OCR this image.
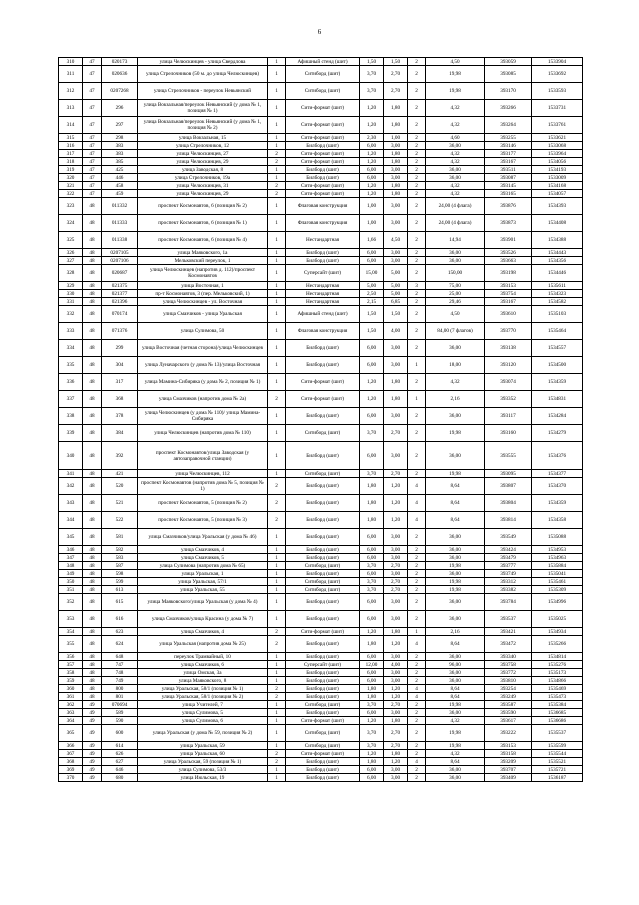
6
310	47	020173	улица Челюскинцев - улица Свердлова	1	Афишный стенд (шит)	1,50	1,50	2	4,50	393059	1533904
311	47	020636	улица Стрелочников (50 м. до улица Челюскинцев)	1	Ситиборд (шит)	3,70	2,70	2	19,98	393085	1533692
312	47	0207268	улица Стрелочников - переулок Невьянский	1	Ситиборд (шит)	3,70	2,70	2	19,98	393170	1533593
313	47	296	улица Вокзальная/переулок Невьянский (у дома № 1, позиция № 1)	1	Сити-формат (шит)	1,20	1,80	2	4,32	393266	1533731
314	47	297	улица Вокзальная/переулок Невьянский (у дома № 1, позиция № 2)	1	Сити-формат (шит)	1,20	1,80	2	4,32	393264	1533761
315	47	298	улица Вокзальная, 15	1	Сити-формат (шит)	2,30	1,00	2	4,60	393255	1533621
316	47	383	улица Стрелочников, 12	1	Билборд (шит)	6,00	3,00	2	36,00	393146	1533068
317	47	383	улица Челюскинцев, 27	2	Сити-формат (шит)	1,20	1,80	2	4,32	393177	1533964
318	47	385	улица Челюскинцев, 29	2	Сити-формат (шит)	1,20	1,80	2	4,32	393167	1534056
319	47	425	улица Заводская, 8	1	Билборд (шит)	6,00	3,00	2	36,00	393511	1534193
320	47	446	улица Стрелочников, 19а	1	Билборд (шит)	6,00	3,00	2	36,00	393087	1533009
321	47	458	улица Челюскинцев, 31	2	Сити-формат (шит)	1,20	1,80	2	4,32	393145	1534168
322	47	459	улица Челюскинцев, 29	2	Сити-формат (шит)	1,20	1,80	2	4,32	393165	1534057
323	48	011332	проспект Космонавтов, 6 (позиция № 2)	1	Флаговая конструкция	1,00	3,00	2	24,00 (4 флага)	393876	1534393
324	48	011333	проспект Космонавтов, 6 (позиция № 1)	1	Флаговая конструкция	1,00	3,00	2	24,00 (4 флага)	393873	1534408
325	48	011338	проспект Космонавтов, 6 (позиция № 4)	1	Нестандартная	1,66	4,50	2	14,94	393901	1534388
326	48	0207105	улица Маяковского, 1а	1	Билборд (шит)	6,00	3,00	2	36,00	393526	1534443
327	48	0207106	Мельковский переулок, 1	1	Билборд (шит)	6,00	3,00	2	36,00	393663	1534356
328	48	020687	улица Челюскинцев (напротив д. 112)/проспект Космонавтов	1	Суперсайт (шит)	15,00	5,00	2	150,00	393198	1534446
329	48	021375	улица Восточная, 1	1	Нестандартная	5,00	5,00	3	75,00	393153	1535611
330	48	021377	пр-т Космонавтов, 3 (пер. Мельковский, 1)	1	Нестандартная	2,50	5,00	2	25,00	393754	1534323
331	48	021396	улица Челюскинцев - ул. Восточная	1	Нестандартная	2,15	6,85	2	29,46	393167	1534582
332	48	070174	улица Смазчиков - улица Уральская	1	Афишный стенд (шит)	1,50	1,50	2	4,50	393610	1535103
333	48	071376	улица Сулимова, 50	1	Флаговая конструкция	1,50	4,00	2	84,00 (7 флагов)	393770	1535464
334	48	299	улица Восточная (четная сторона)/улица Челюскинцев	1	Билборд (шит)	6,00	3,00	2	36,00	393138	1534557
335	48	304	улица Луначарского (у дома № 13)/улица Восточная	1	Билборд (шит)	6,00	3,00	1	18,00	393120	1534500
336	48	317	улица Мамина-Сибиряка (у дома № 2, позиция № 1)	1	Сити-формат (шит)	1,20	1,80	2	4,32	393074	1534359
337	48	368	улица Смазчиков (напротив дома № 2а)	2	Сити-формат (шит)	1,20	1,80	1	2,16	393352	1534831
338	48	378	улица Челюскинцев (у дома № 110)/ улица Мамина-Сибиряка	1	Билборд (шит)	6,00	3,00	2	36,00	393117	1534284
339	48	384	улица Челюскинцев (напротив дома № 110)	1	Ситиборд (шит)	3,70	2,70	2	19,98	393160	1534279
340	48	392	проспект Космонавтов/улица Заводская (у автозаправочной станции)	1	Билборд (шит)	6,00	3,00	2	36,00	393555	1534376
341	48	421	улица Челюскинцев, 112	1	Ситиборд (шит)	3,70	2,70	2	19,98	393095	1534377
342	48	520	проспект Космонавтов (напротив дома № 5, позиция № 1)	2	Билборд (шит)	1,80	1,20	4	8,64	393807	1534370
343	48	521	проспект Космонавтов, 5 (позиция № 2)	2	Билборд (шит)	1,80	1,20	4	8,64	393804	1534359
344	48	522	проспект Космонавтов, 5 (позиция № 3)	2	Билборд (шит)	1,80	1,20	4	8,64	393814	1534358
345	48	581	улица Смазчиков/улица Уральская (у дома № 46)	1	Билборд (шит)	6,00	3,00	2	36,00	393549	1535088
346	48	582	улица Смазчиков, 4	1	Билборд (шит)	6,00	3,00	2	36,00	393424	1534953
347	48	583	улица Смазчиков, 5	1	Билборд (шит)	6,00	3,00	2	36,00	393479	1534963
348	48	587	улица Сулимова (напротив дома № 65)	1	Ситиборд (шит)	3,70	2,70	2	19,98	393777	1535884
349	48	598	улица Уральская, 1	1	Билборд (шит)	6,00	3,00	2	36,00	393749	1535041
350	48	599	улица Уральская, 57/1	1	Ситиборд (шит)	3,70	2,70	2	19,98	393312	1535461
351	48	613	улица Уральская, 55	1	Ситиборд (шит)	3,70	2,70	2	19,98	393382	1535309
352	48	615	улица Маяковского/улица Уральская (у дома № 4)	1	Билборд (шит)	6,00	3,00	2	36,00	393784	1534996
353	48	616	улица Смазчиков/улица Красина (у дома № 7)	1	Билборд (шит)	6,00	3,00	2	36,00	393537	1535025
354	48	623	улица Смазчиков, 4	2	Сити-формат (шит)	1,20	1,80	1	2,16	393421	1534934
355	48	624	улица Уральская (напротив дома № 25)	2	Билборд (шит)	1,80	1,20	4	8,64	393472	1535266
356	48	648	переулок Трамвайный, 10	1	Билборд (шит)	6,00	3,00	2	36,00	393340	1534814
357	48	747	улица Смазчиков, 6	1	Суперсайт (шит)	12,00	4,00	2	96,00	393758	1535276
358	48	748	улица Омская, 3а	1	Билборд (шит)	6,00	3,00	2	36,00	393772	1535173
359	48	749	улица Маяковского, 8	1	Билборд (шит)	6,00	3,00	2	36,00	393810	1534866
360	48	800	улица Уральская, 58/1 (позиция № 1)	2	Билборд (шит)	1,80	1,20	4	8,64	393254	1535469
361	48	801	улица Уральская, 58/1 (позиция № 2)	2	Билборд (шит)	1,80	1,20	4	8,64	393249	1535473
362	49	070694	улица Учителей, 7	1	Ситиборд (шит)	3,70	2,70	2	19,98	393587	1535384
363	49	589	улица Сулимова, 5	1	Билборд (шит)	6,00	3,00	2	36,00	393590	1536685
364	49	590	улица Сулимова, 6	1	Сити-формат (шит)	1,20	1,80	2	4,32	393617	1536686
365	49	600	улица Уральская (у дома № 59, позиция № 2)	1	Ситиборд (шит)	3,70	2,70	2	19,98	393222	1535537
366	49	614	улица Уральская, 59	1	Ситиборд (шит)	3,70	2,70	2	19,98	393153	1535599
367	49	626	улица Уральская, 60	2	Сити-формат (шит)	1,20	1,80	2	4,32	393158	1535544
368	49	627	улица Уральская, 59 (позиция № 1)	2	Билборд (шит)	1,80	1,20	4	8,64	393209	1535521
369	49	646	улица Сулимова, 53/3	1	Билборд (шит)	6,00	3,00	2	36,00	393707	1535721
370	49	680	улица Июльская, 19	1	Билборд (шит)	6,00	3,00	2	36,00	393409	1536187
